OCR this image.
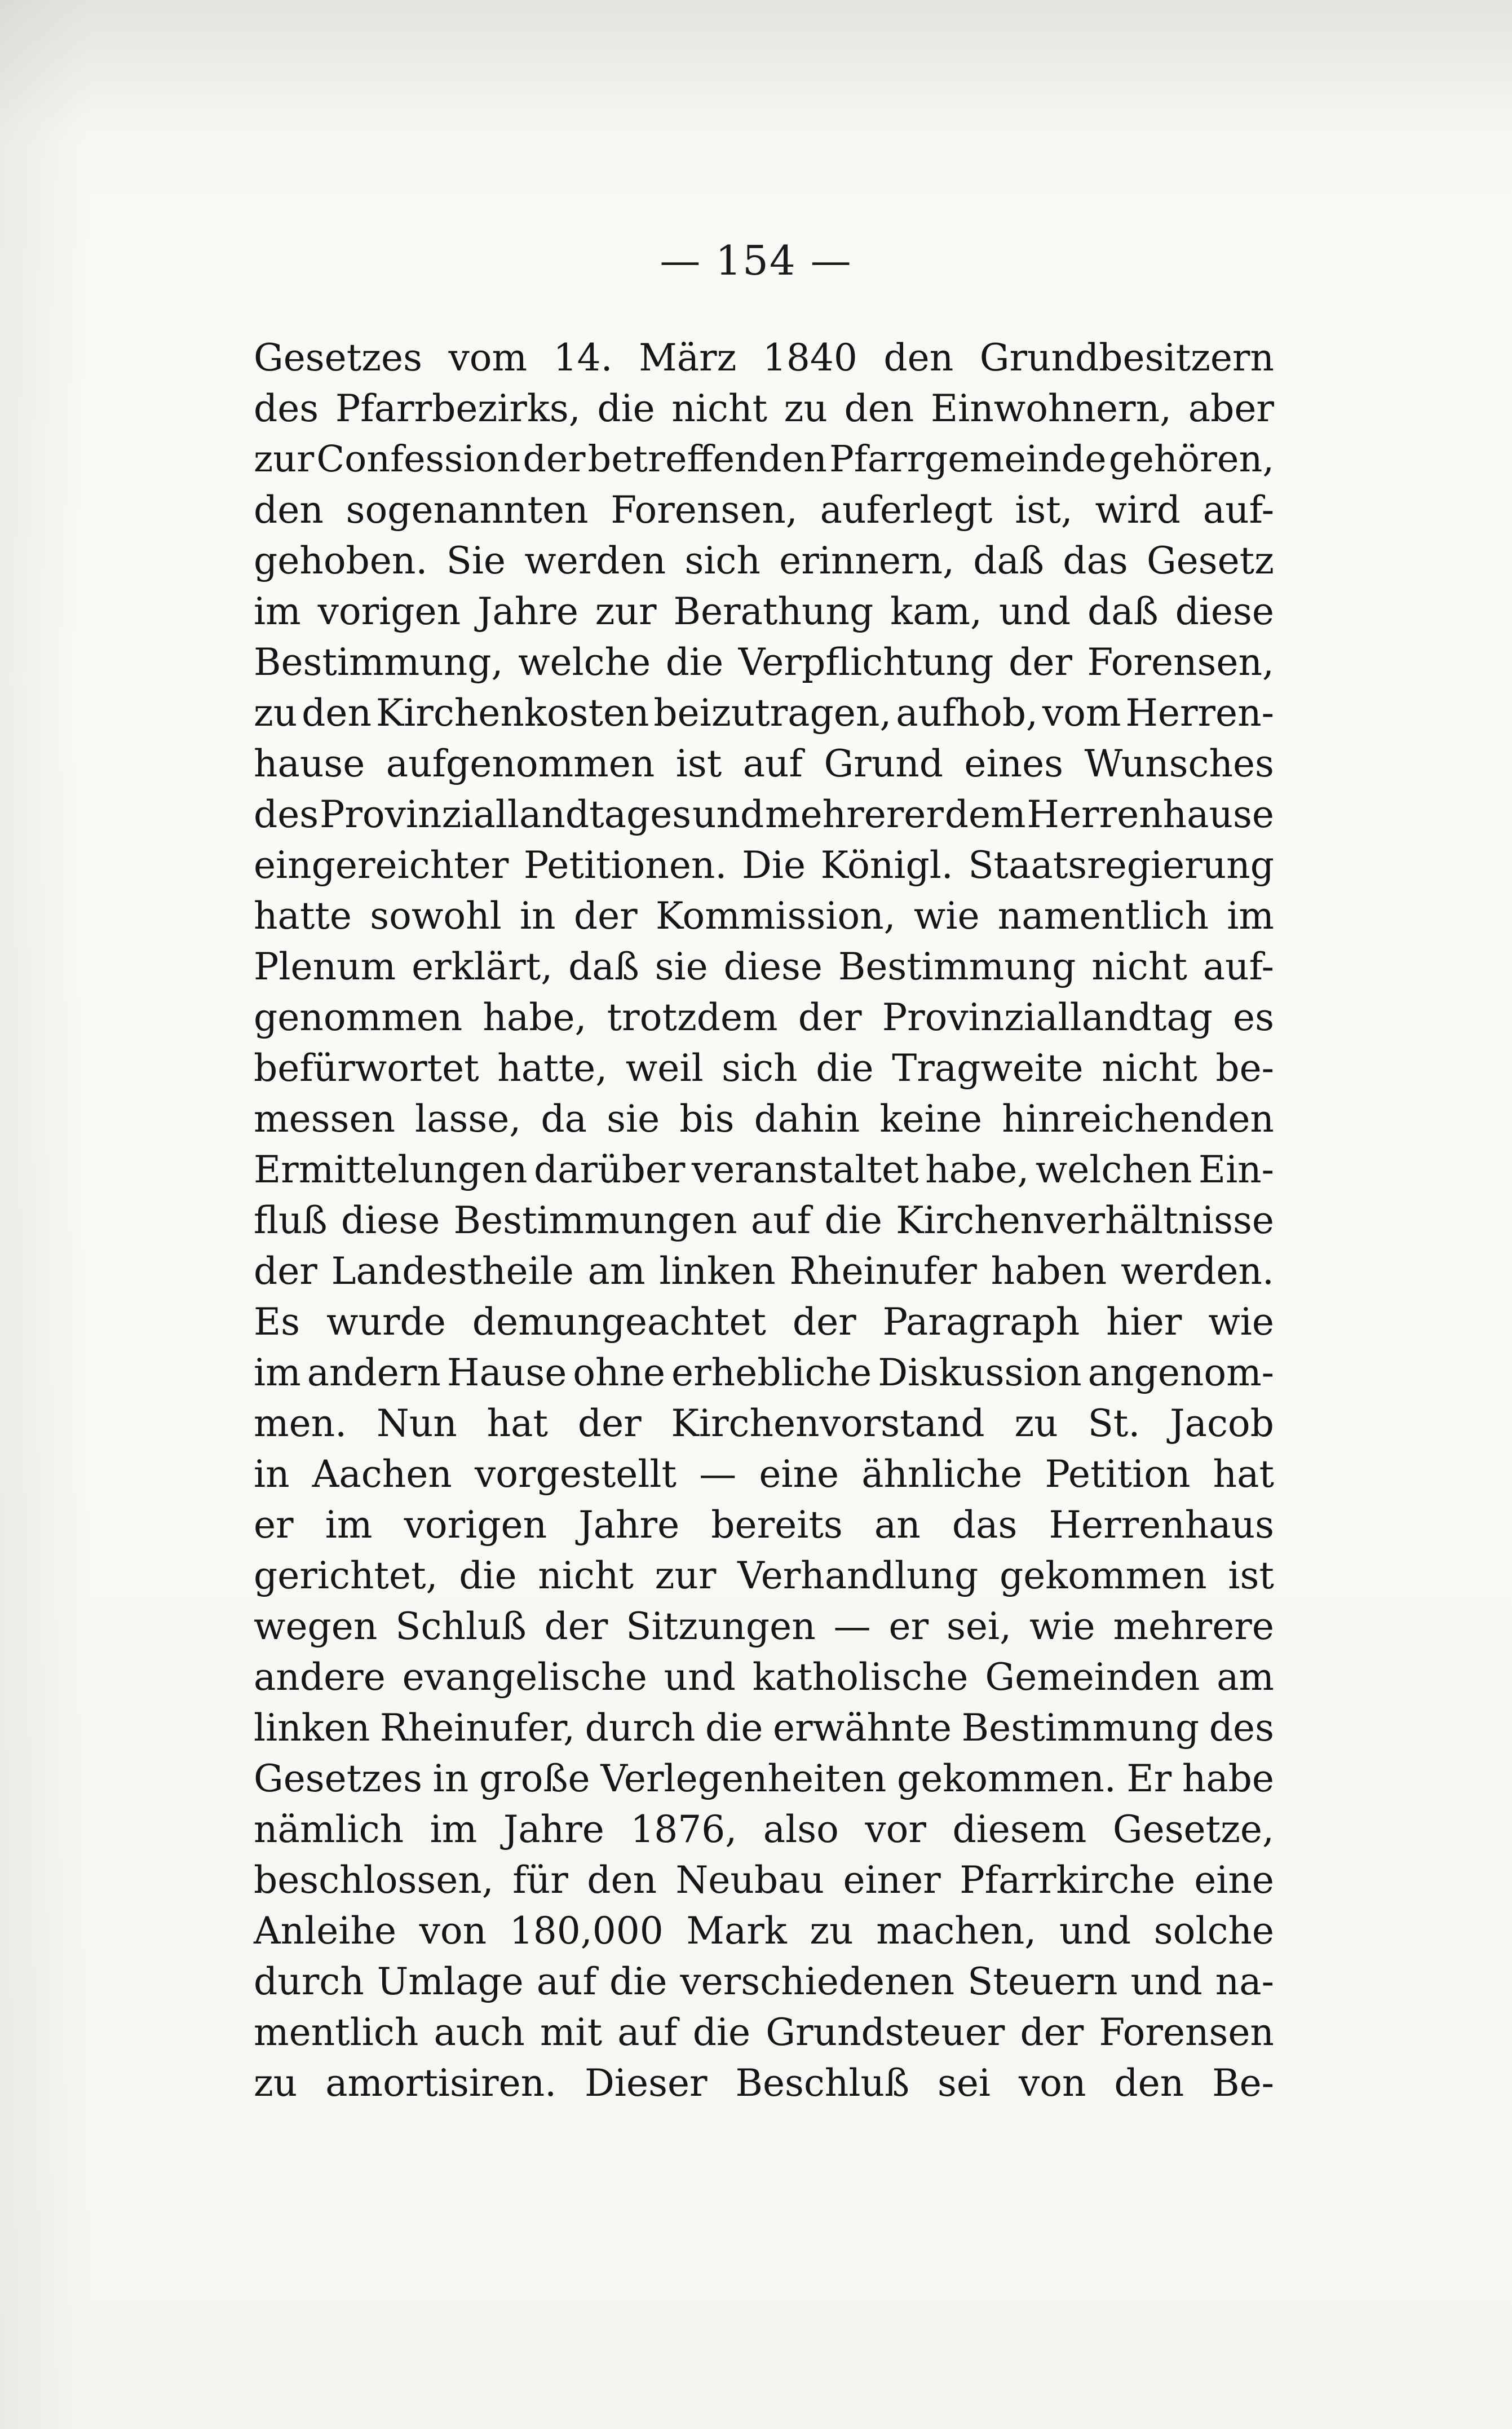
— 154 —
Gesetzes vom 14. März 1840 den Grundbesitzern
des Pfarrbezirks, die nicht zu den Einwohnern, aber
zur Confession der betreffenden Pfarrgemeinde gehören,
den sogenannten Forensen, auferlegt ist, wird auf-
gehoben. Sie werden sich erinnern, daß das Gesetz
im vorigen Jahre zur Berathung kam, und daß diese
Bestimmung, welche die Verpflichtung der Forensen,
zu den Kirchenkosten beizutragen, aufhob, vom Herren-
hause aufgenommen ist auf Grund eines Wunsches
des Provinziallandtages und mehrerer dem Herrenhause
eingereichter Petitionen. Die Königl. Staatsregierung
hatte sowohl in der Kommission, wie namentlich im
Plenum erklärt, daß sie diese Bestimmung nicht auf-
genommen habe, trotzdem der Provinziallandtag es
befürwortet hatte, weil sich die Tragweite nicht be-
messen lasse, da sie bis dahin keine hinreichenden
Ermittelungen darüber veranstaltet habe, welchen Ein-
fluß diese Bestimmungen auf die Kirchenverhältnisse
der Landestheile am linken Rheinufer haben werden.
Es wurde demungeachtet der Paragraph hier wie
im andern Hause ohne erhebliche Diskussion angenom-
men. Nun hat der Kirchenvorstand zu St. Jacob
in Aachen vorgestellt — eine ähnliche Petition hat
er im vorigen Jahre bereits an das Herrenhaus
gerichtet, die nicht zur Verhandlung gekommen ist
wegen Schluß der Sitzungen — er sei, wie mehrere
andere evangelische und katholische Gemeinden am
linken Rheinufer, durch die erwähnte Bestimmung des
Gesetzes in große Verlegenheiten gekommen. Er habe
nämlich im Jahre 1876, also vor diesem Gesetze,
beschlossen, für den Neubau einer Pfarrkirche eine
Anleihe von 180,000 Mark zu machen, und solche
durch Umlage auf die verschiedenen Steuern und na-
mentlich auch mit auf die Grundsteuer der Forensen
zu amortisiren. Dieser Beschluß sei von den Be-
